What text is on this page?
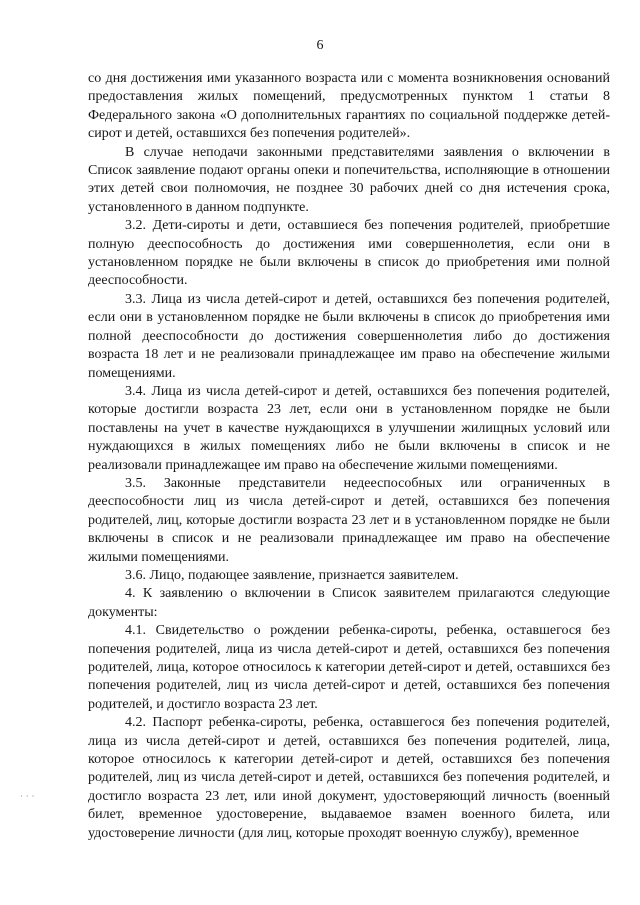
6

со дня достижения ими указанного возраста или с момента возникновения оснований предоставления жилых помещений, предусмотренных пунктом 1 статьи 8 Федерального закона «О дополнительных гарантиях по социальной поддержке детей-сирот и детей, оставшихся без попечения родителей».

В случае неподачи законными представителями заявления о включении в Список заявление подают органы опеки и попечительства, исполняющие в отношении этих детей свои полномочия, не позднее 30 рабочих дней со дня истечения срока, установленного в данном подпункте.

3.2. Дети-сироты и дети, оставшиеся без попечения родителей, приобретшие полную дееспособность до достижения ими совершеннолетия, если они в установленном порядке не были включены в список до приобретения ими полной дееспособности.

3.3. Лица из числа детей-сирот и детей, оставшихся без попечения родителей, если они в установленном порядке не были включены в список до приобретения ими полной дееспособности до достижения совершеннолетия либо до достижения возраста 18 лет и не реализовали принадлежащее им право на обеспечение жилыми помещениями.

3.4. Лица из числа детей-сирот и детей, оставшихся без попечения родителей, которые достигли возраста 23 лет, если они в установленном порядке не были поставлены на учет в качестве нуждающихся в улучшении жилищных условий или нуждающихся в жилых помещениях либо не были включены в список и не реализовали принадлежащее им право на обеспечение жилыми помещениями.

3.5. Законные представители недееспособных или ограниченных в дееспособности лиц из числа детей-сирот и детей, оставшихся без попечения родителей, лиц, которые достигли возраста 23 лет и в установленном порядке не были включены в список и не реализовали принадлежащее им право на обеспечение жилыми помещениями.

3.6. Лицо, подающее заявление, признается заявителем.

4. К заявлению о включении в Список заявителем прилагаются следующие документы:

4.1. Свидетельство о рождении ребенка-сироты, ребенка, оставшегося без попечения родителей, лица из числа детей-сирот и детей, оставшихся без попечения родителей, лица, которое относилось к категории детей-сирот и детей, оставшихся без попечения родителей, лиц из числа детей-сирот и детей, оставшихся без попечения родителей, и достигло возраста 23 лет.

4.2. Паспорт ребенка-сироты, ребенка, оставшегося без попечения родителей, лица из числа детей-сирот и детей, оставшихся без попечения родителей, лица, которое относилось к категории детей-сирот и детей, оставшихся без попечения родителей, лиц из числа детей-сирот и детей, оставшихся без попечения родителей, и достигло возраста 23 лет, или иной документ, удостоверяющий личность (военный билет, временное удостоверение, выдаваемое взамен военного билета, или удостоверение личности (для лиц, которые проходят военную службу), временное

· · ·
